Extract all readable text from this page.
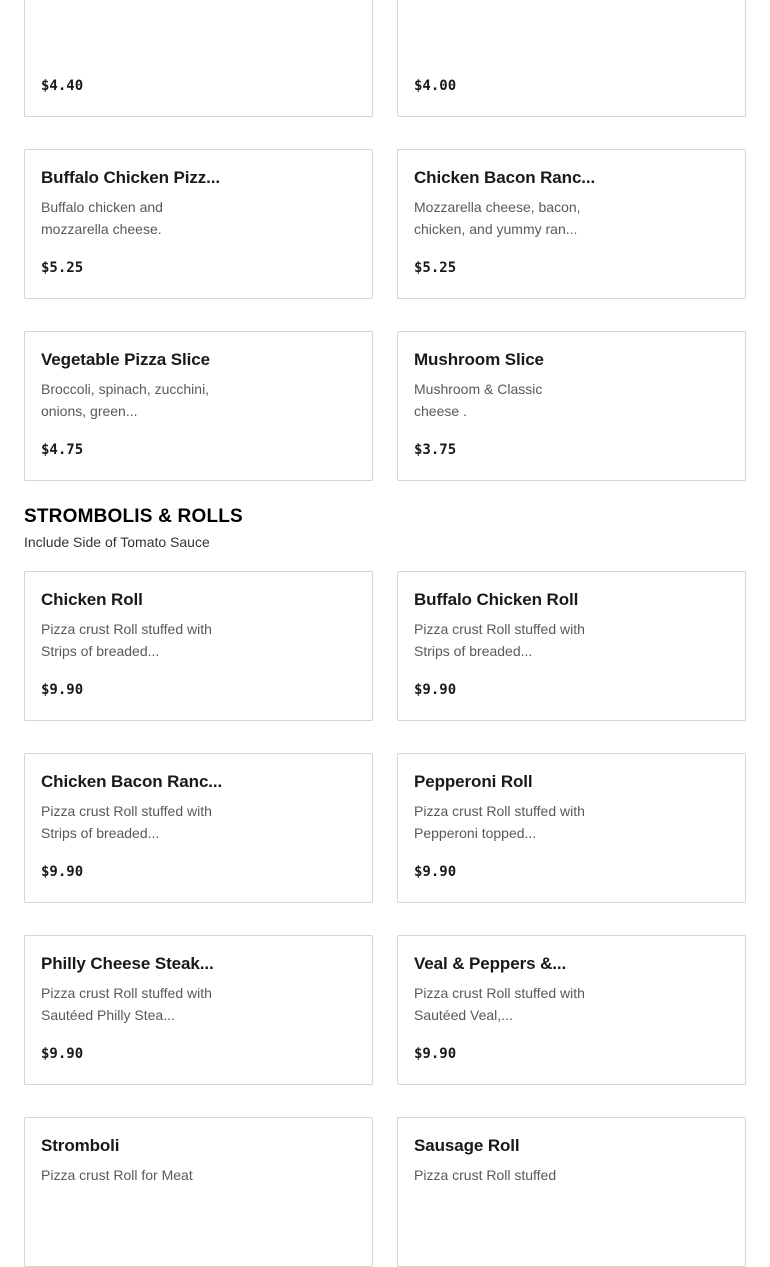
$4.40	$4.00
Buffalo Chicken Pizz...
Buffalo chicken and mozzarella cheese.
$5.25
Chicken Bacon Ranc...
Mozzarella cheese, bacon, chicken, and yummy ran...
$5.25
Vegetable Pizza Slice
Broccoli, spinach, zucchini, onions, green...
$4.75
Mushroom Slice
Mushroom & Classic cheese .
$3.75
STROMBOLIS & ROLLS
Include Side of Tomato Sauce
Chicken Roll
Pizza crust Roll stuffed with Strips of breaded...
$9.90
Buffalo Chicken Roll
Pizza crust Roll stuffed with Strips of breaded...
$9.90
Chicken Bacon Ranc...
Pizza crust Roll stuffed with Strips of breaded...
$9.90
Pepperoni Roll
Pizza crust Roll stuffed with Pepperoni topped...
$9.90
Philly Cheese Steak...
Pizza crust Roll stuffed with Sautéed Philly Stea...
$9.90
Veal & Peppers &...
Pizza crust Roll stuffed with Sautéed Veal,...
$9.90
Stromboli
Pizza crust Roll for Meat
Sausage Roll
Pizza crust Roll stuffed
